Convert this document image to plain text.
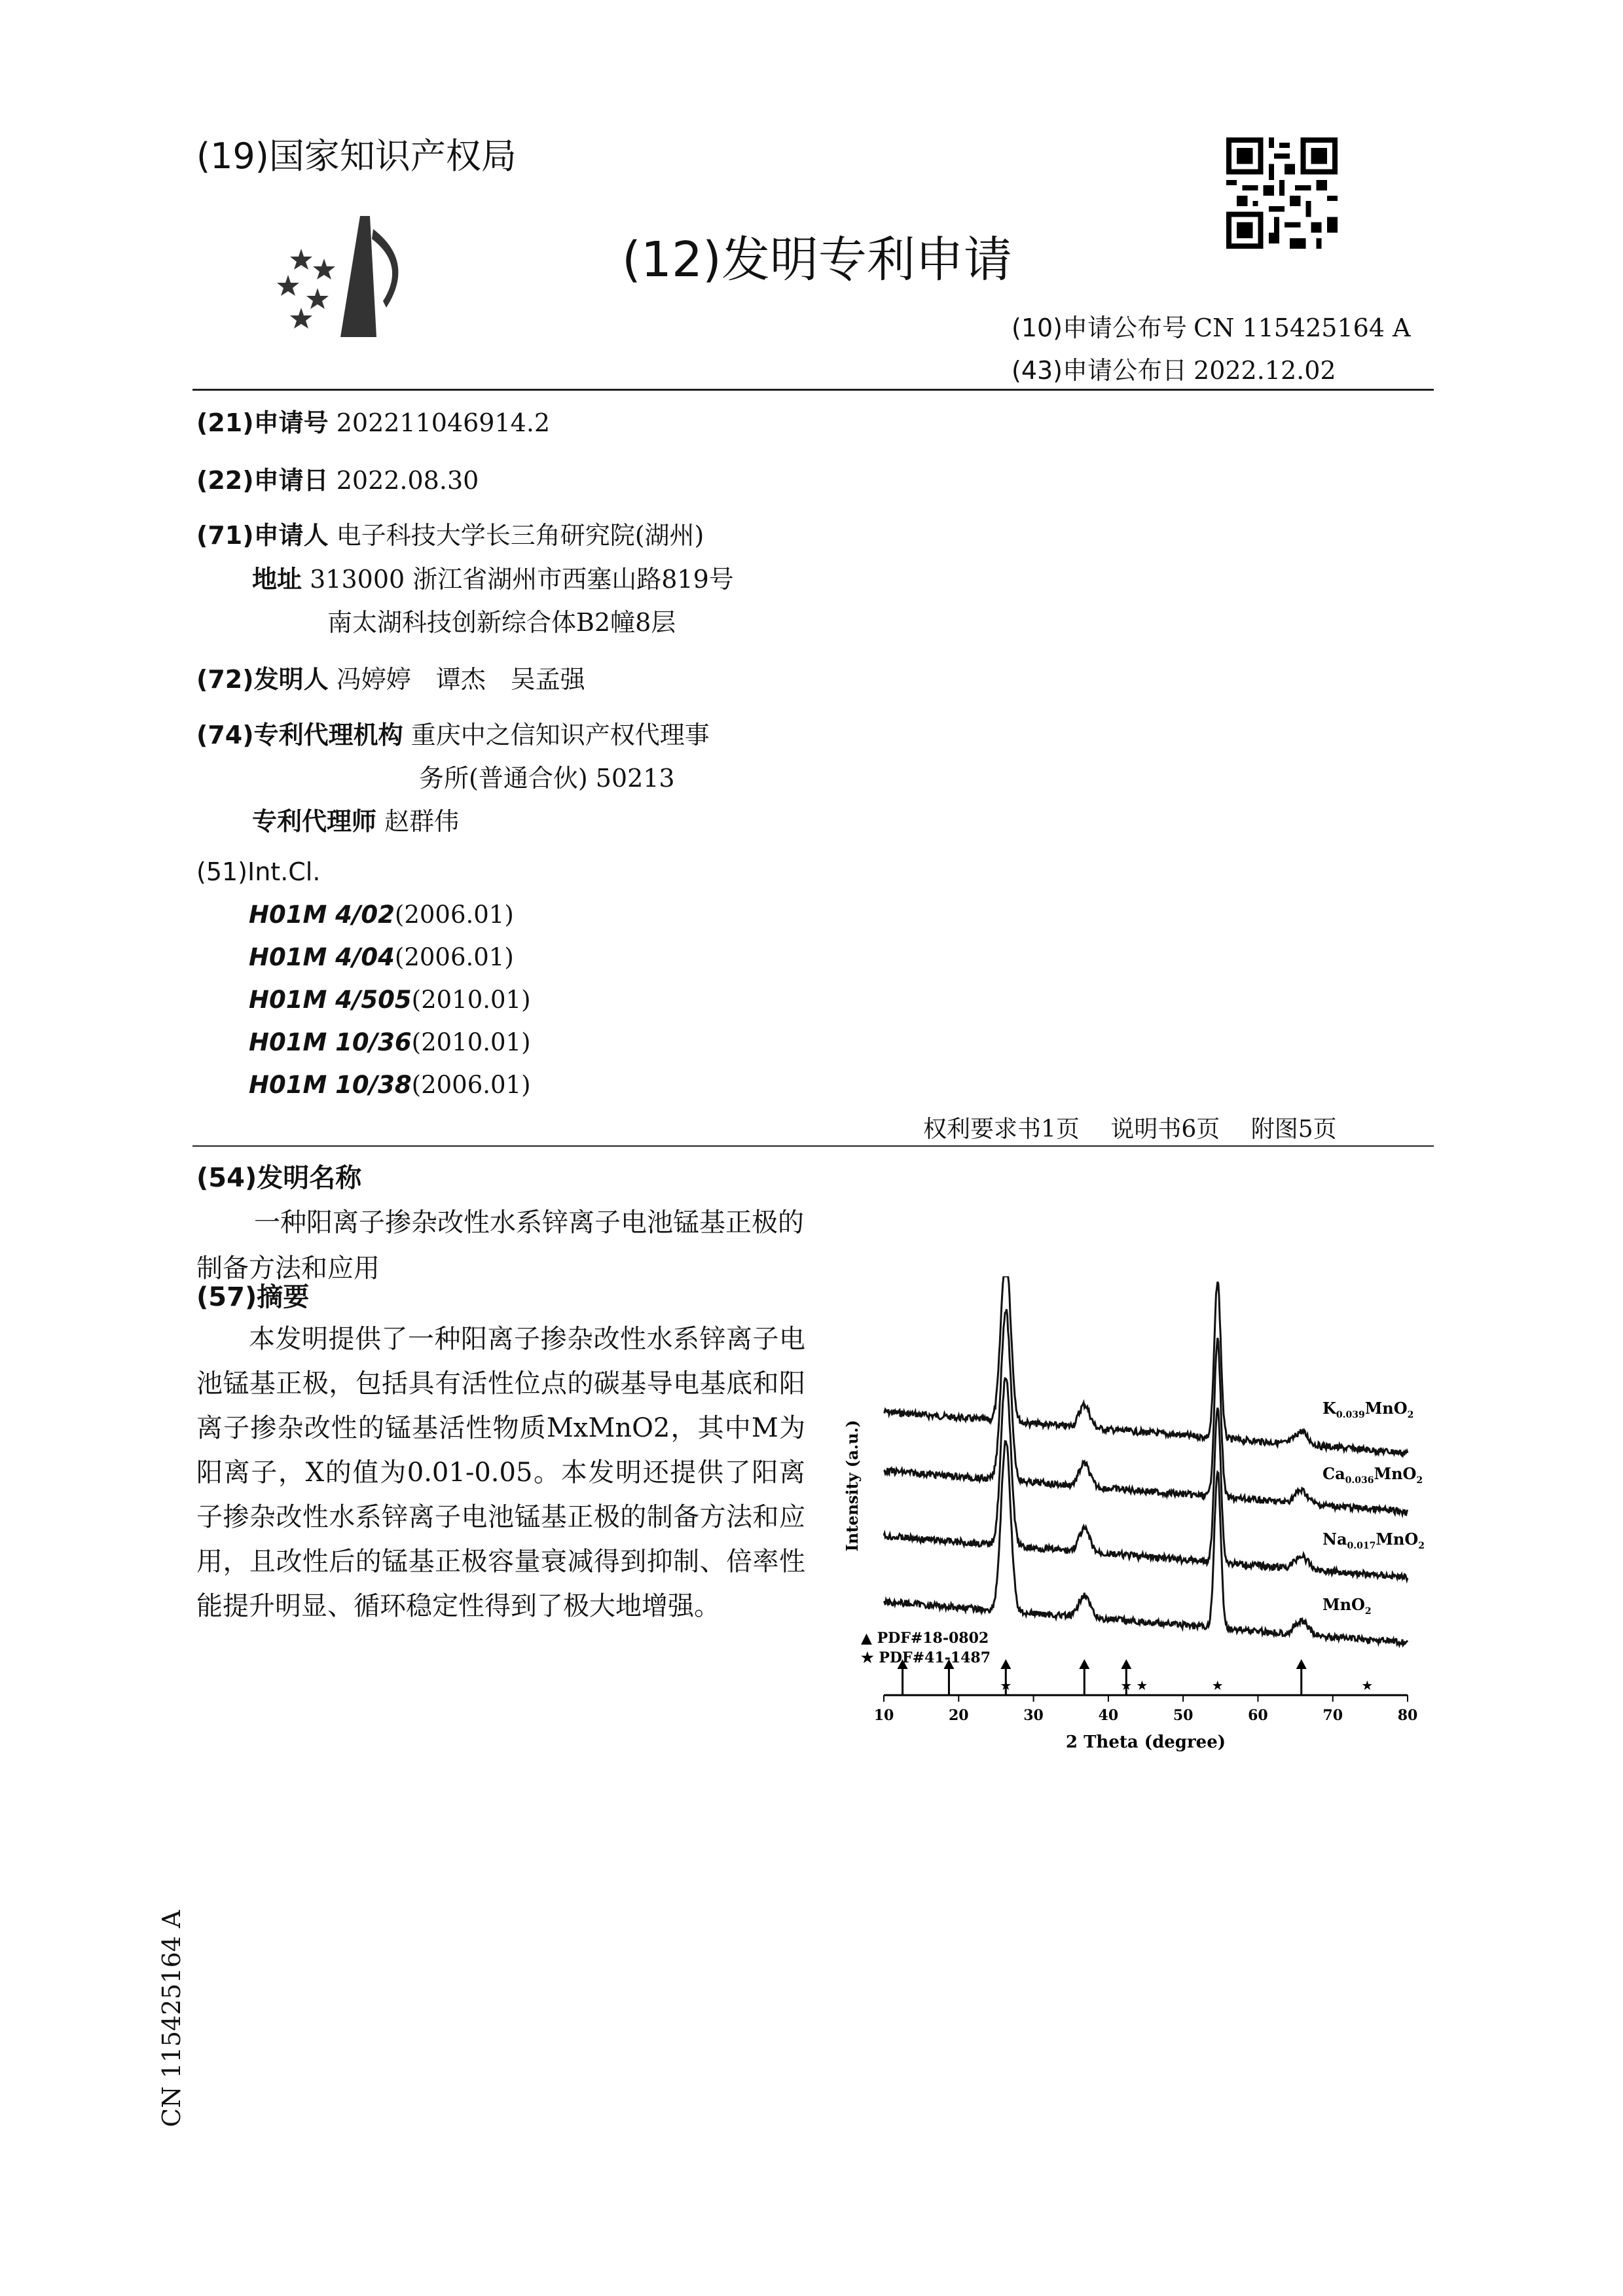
(19)国家知识产权局
(12)发明专利申请
(10)申请公布号 CN 115425164 A
(43)申请公布日 2022.12.02
(21)申请号 202211046914.2
(22)申请日 2022.08.30
(71)申请人 电子科技大学长三角研究院(湖州)
地址 313000 浙江省湖州市西塞山路819号
南太湖科技创新综合体B2幢8层
(72)发明人 冯婷婷　谭杰　吴孟强
(74)专利代理机构 重庆中之信知识产权代理事
务所(普通合伙) 50213
专利代理师 赵群伟
(51)Int.Cl.
H01M 4/02(2006.01)
H01M 4/04(2006.01)
H01M 4/505(2010.01)
H01M 10/36(2010.01)
H01M 10/38(2006.01)
权利要求书1页 说明书6页 附图5页
(54)发明名称
一种阳离子掺杂改性水系锌离子电池锰基正极的制备方法和应用
(57)摘要
本发明提供了一种阳离子掺杂改性水系锌离子电池锰基正极，包括具有活性位点的碳基导电基底和阳离子掺杂改性的锰基活性物质MxMnO2，其中M为阳离子，X的值为0.01-0.05。本发明还提供了阳离子掺杂改性水系锌离子电池锰基正极的制备方法和应用，且改性后的锰基正极容量衰减得到抑制、倍率性能提升明显、循环稳定性得到了极大地增强。
★	★ ★	★	★
10	20	30	40	50	60	70	80
2 Theta (degree)
Intensity (a.u.)
$K_{0.039}MnO_2$
$Ca_{0.036}MnO_2$
$Na_{0.017}MnO_2$
MnO$_2$
▲ PDF#18-0802
★ PDF#41-1487
CN 115425164 A
